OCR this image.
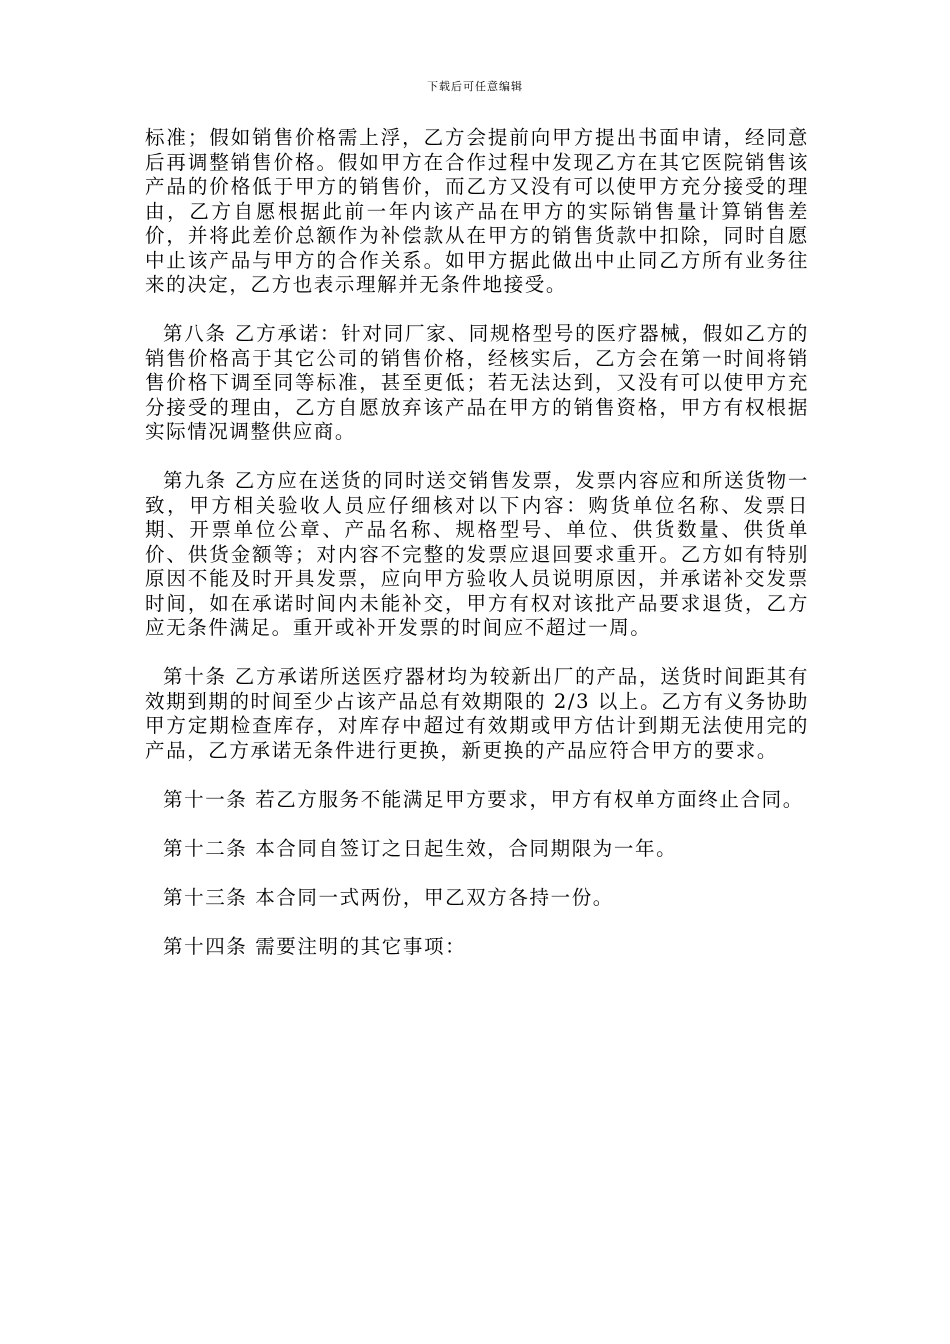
下载后可任意编辑

标准；假如销售价格需上浮，乙方会提前向甲方提出书面申请，经同意后再调整销售价格。假如甲方在合作过程中发现乙方在其它医院销售该产品的价格低于甲方的销售价，而乙方又没有可以使甲方充分接受的理由，乙方自愿根据此前一年内该产品在甲方的实际销售量计算销售差价，并将此差价总额作为补偿款从在甲方的销售货款中扣除，同时自愿中止该产品与甲方的合作关系。如甲方据此做出中止同乙方所有业务往来的决定，乙方也表示理解并无条件地接受。

第八条 乙方承诺：针对同厂家、同规格型号的医疗器械，假如乙方的销售价格高于其它公司的销售价格，经核实后，乙方会在第一时间将销售价格下调至同等标准，甚至更低；若无法达到，又没有可以使甲方充分接受的理由，乙方自愿放弃该产品在甲方的销售资格，甲方有权根据实际情况调整供应商。

第九条 乙方应在送货的同时送交销售发票，发票内容应和所送货物一致，甲方相关验收人员应仔细核对以下内容：购货单位名称、发票日期、开票单位公章、产品名称、规格型号、单位、供货数量、供货单价、供货金额等；对内容不完整的发票应退回要求重开。乙方如有特别原因不能及时开具发票，应向甲方验收人员说明原因，并承诺补交发票时间，如在承诺时间内未能补交，甲方有权对该批产品要求退货，乙方应无条件满足。重开或补开发票的时间应不超过一周。

第十条 乙方承诺所送医疗器材均为较新出厂的产品，送货时间距其有效期到期的时间至少占该产品总有效期限的 2/3 以上。乙方有义务协助甲方定期检查库存，对库存中超过有效期或甲方估计到期无法使用完的产品，乙方承诺无条件进行更换，新更换的产品应符合甲方的要求。

第十一条 若乙方服务不能满足甲方要求，甲方有权单方面终止合同。

第十二条 本合同自签订之日起生效，合同期限为一年。

第十三条 本合同一式两份，甲乙双方各持一份。

第十四条 需要注明的其它事项：
